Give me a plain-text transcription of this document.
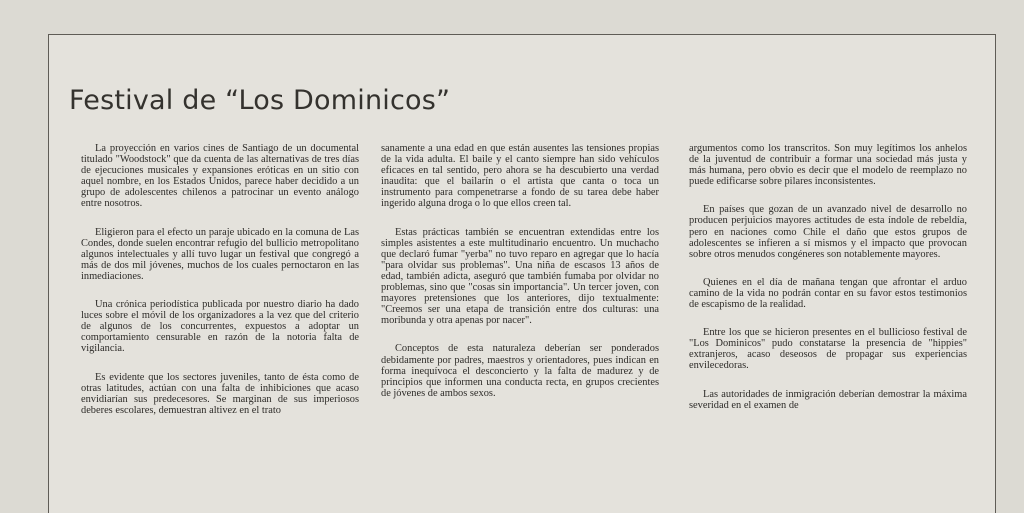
Festival de “Los Dominicos”

La proyección en varios cines de Santiago de un documental titulado "Woodstock" que da cuenta de las alternativas de tres días de ejecuciones musicales y expansiones eróticas en un sitio con aquel nombre, en los Estados Unidos, parece haber decidido a un grupo de adolescentes chilenos a patrocinar un evento análogo entre nosotros.

Eligieron para el efecto un paraje ubicado en la comuna de Las Condes, donde suelen encontrar refugio del bullicio metropolitano algunos intelectuales y allí tuvo lugar un festival que congregó a más de dos mil jóvenes, muchos de los cuales pernoctaron en las inmediaciones.

Una crónica periodística publicada por nuestro diario ha dado luces sobre el móvil de los organizadores a la vez que del criterio de algunos de los concurrentes, expuestos a adoptar un comportamiento censurable en razón de la notoria falta de vigilancia.

Es evidente que los sectores juveniles, tanto de ésta como de otras latitudes, actúan con una falta de inhibiciones que acaso envidiarían sus predecesores. Se marginan de sus imperiosos deberes escolares, demuestran altivez en el trato

sanamente a una edad en que están ausentes las tensiones propias de la vida adulta. El baile y el canto siempre han sido vehículos eficaces en tal sentido, pero ahora se ha descubierto una verdad inaudita: que el bailarín o el artista que canta o toca un instrumento para compenetrarse a fondo de su tarea debe haber ingerido alguna droga o lo que ellos creen tal.

Estas prácticas también se encuentran extendidas entre los simples asistentes a este multitudinario encuentro. Un muchacho que declaró fumar "yerba" no tuvo reparo en agregar que lo hacía "para olvidar sus problemas". Una niña de escasos 13 años de edad, también adicta, aseguró que también fumaba por olvidar no problemas, sino que "cosas sin importancia". Un tercer joven, con mayores pretensiones que los anteriores, dijo textualmente: "Creemos ser una etapa de transición entre dos culturas: una moribunda y otra apenas por nacer".

Conceptos de esta naturaleza deberían ser ponderados debidamente por padres, maestros y orientadores, pues indican en forma inequívoca el desconcierto y la falta de madurez y de principios que informen una conducta recta, en grupos crecientes de jóvenes de ambos sexos.

argumentos como los transcritos. Son muy legítimos los anhelos de la juventud de contribuir a formar una sociedad más justa y más humana, pero obvio es decir que el modelo de reemplazo no puede edificarse sobre pilares inconsistentes.

En países que gozan de un avanzado nivel de desarrollo no producen perjuicios mayores actitudes de esta índole de rebeldía, pero en naciones como Chile el daño que estos grupos de adolescentes se infieren a sí mismos y el impacto que provocan sobre otros menudos congéneres son notablemente mayores.

Quienes en el día de mañana tengan que afrontar el arduo camino de la vida no podrán contar en su favor estos testimonios de escapismo de la realidad.

Entre los que se hicieron presentes en el bullicioso festival de "Los Dominicos" pudo constatarse la presencia de "hippies" extranjeros, acaso deseosos de propagar sus experiencias envilecedoras.

Las autoridades de inmigración deberían demostrar la máxima severidad en el examen de
